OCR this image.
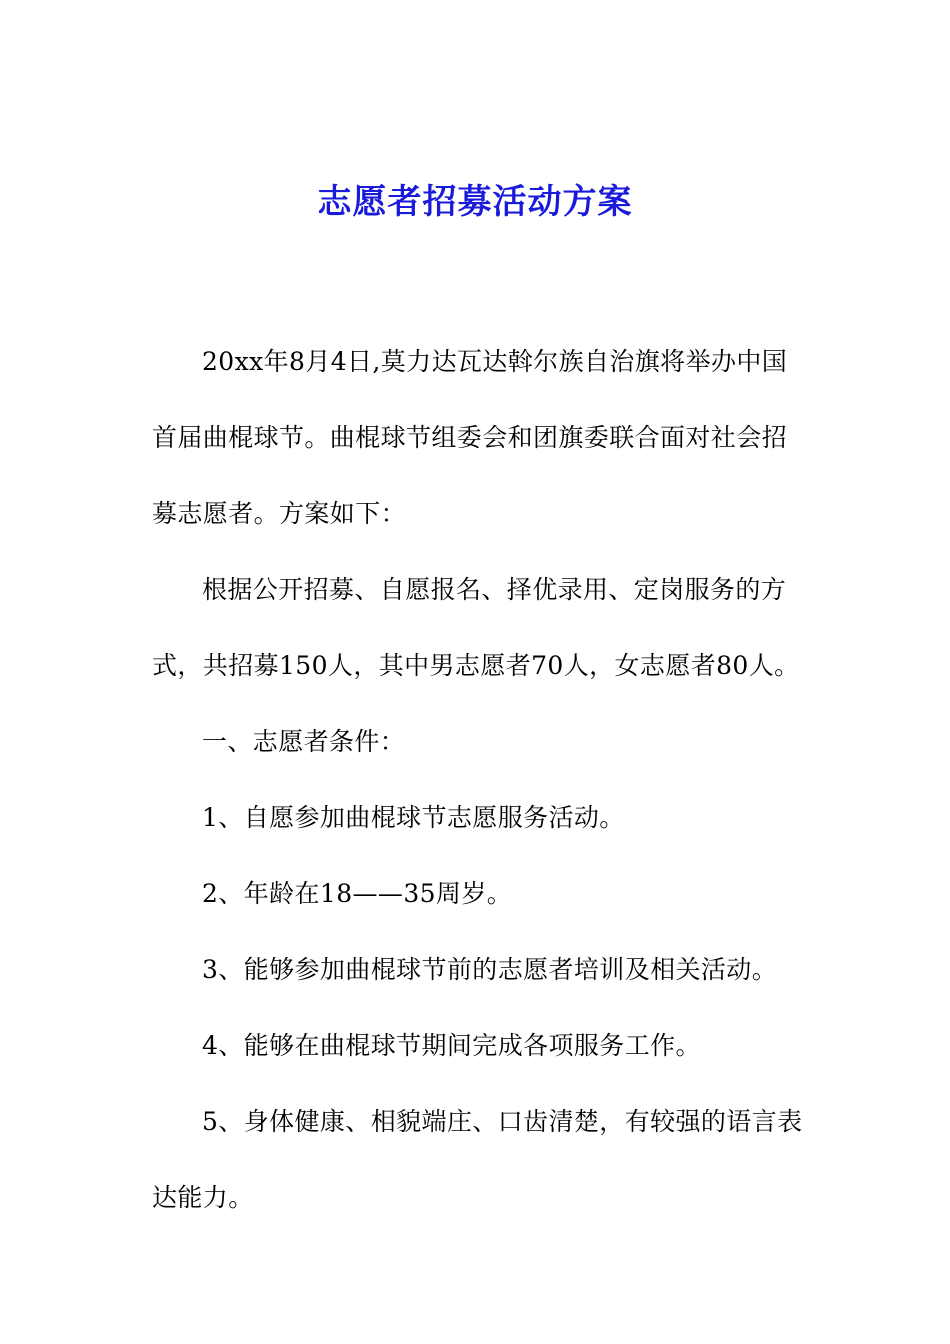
志愿者招募活动方案

20xx年8月4日,莫力达瓦达斡尔族自治旗将举办中国首届曲棍球节。曲棍球节组委会和团旗委联合面对社会招募志愿者。方案如下：

根据公开招募、自愿报名、择优录用、定岗服务的方式，共招募150人，其中男志愿者70人，女志愿者80人。

一、志愿者条件：

1、自愿参加曲棍球节志愿服务活动。

2、年龄在18——35周岁。

3、能够参加曲棍球节前的志愿者培训及相关活动。

4、能够在曲棍球节期间完成各项服务工作。

5、身体健康、相貌端庄、口齿清楚，有较强的语言表达能力。
